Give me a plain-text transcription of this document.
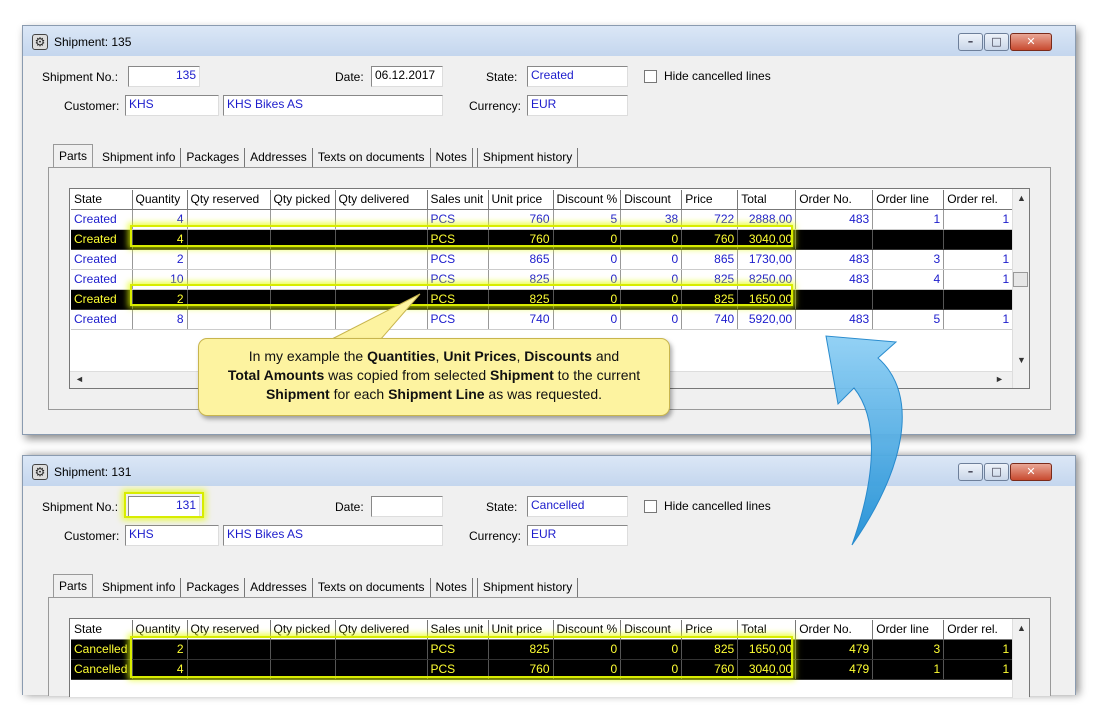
⚙ Shipment: 135	–	□	✕
Shipment No.:	135	Date: 06.12.2017	State:	Created	Hide cancelled lines
Customer: KHS	KHS Bikes AS	Currency: EUR
Parts	Shipment info Packages Addresses Texts on documents Notes	Shipment history
State	Quantity	Qty reserved	Qty picked	Qty delivered	Sales unit	Unit price	Discount %	Discount	Price	Total	Order No.	Order line	Order rel.
Created	4				PCS	760	5	38	722	2888,00	483	1	1
Created	4				PCS	760	0	0	760	3040,00			
Created	2				PCS	865	0	0	865	1730,00	483	3	1
Created	10				PCS	825	0	0	825	8250,00	483	4	1
Created	2				PCS	825	0	0	825	1650,00			
Created	8				PCS	740	0	0	740	5920,00	483	5	1
▲
▼
◄	►
⚙ Shipment: 131	–	□	✕
Shipment No.:	131	Date:	State:	Cancelled	Hide cancelled lines
Customer: KHS	KHS Bikes AS	Currency: EUR
Parts	Shipment info Packages Addresses Texts on documents Notes	Shipment history
State	Quantity	Qty reserved	Qty picked	Qty delivered	Sales unit	Unit price	Discount %	Discount	Price	Total	Order No.	Order line	Order rel.
Cancelled	2				PCS	825	0	0	825	1650,00	479	3	1
Cancelled	4				PCS	760	0	0	760	3040,00	479	1	1
▲
In my example the Quantities, Unit Prices, Discounts and
Total Amounts was copied from selected Shipment to the current Shipment for each Shipment Line as was requested.
